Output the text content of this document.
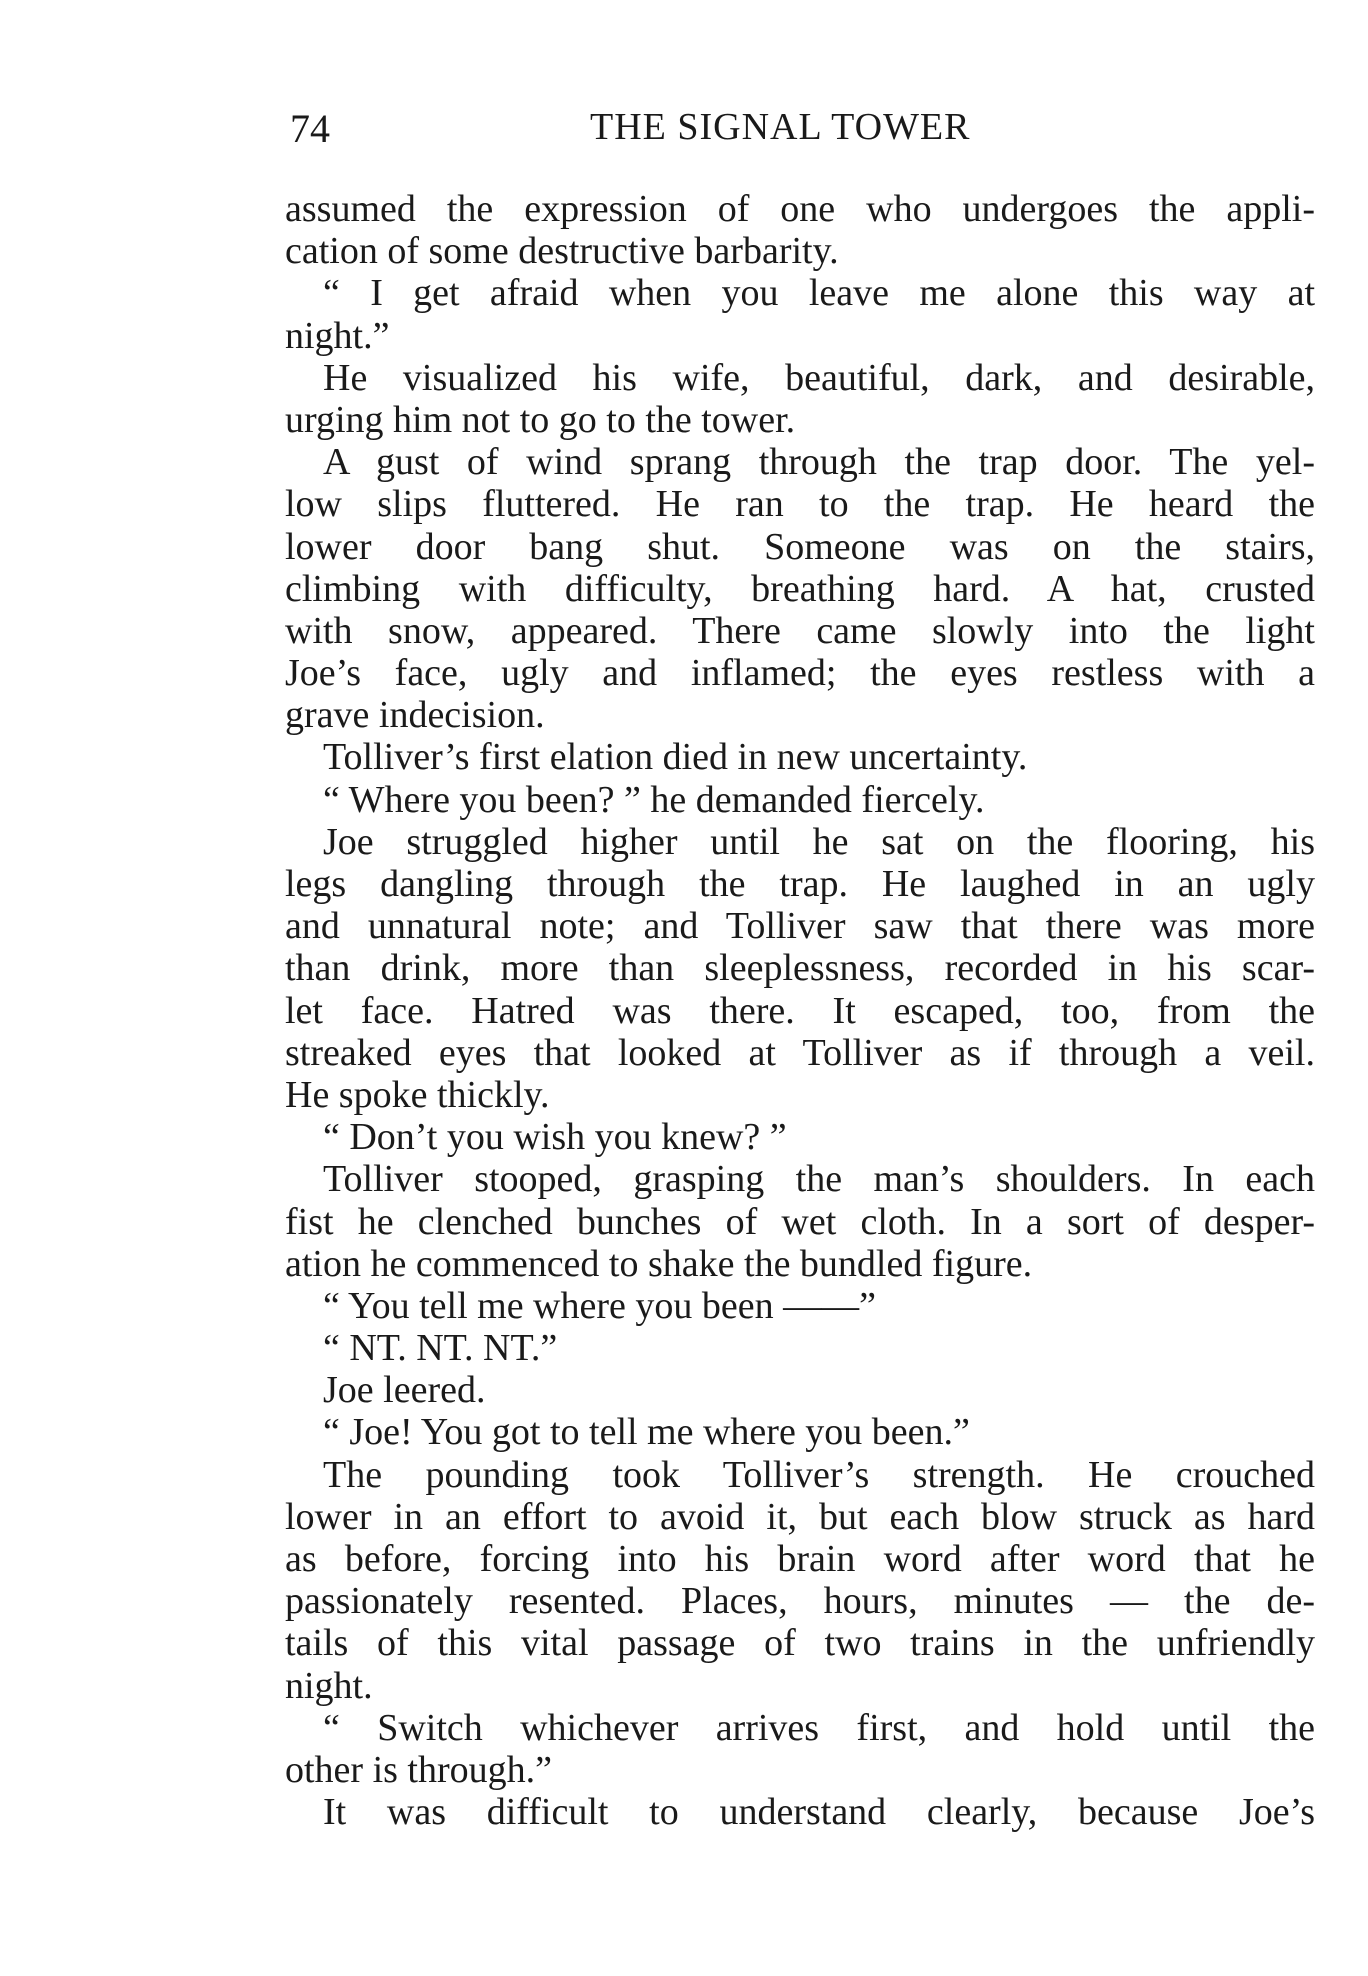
74	THE SIGNAL TOWER
assumed the expression of one who undergoes the appli-
cation of some destructive barbarity.
“ I get afraid when you leave me alone this way at
night.”
He visualized his wife, beautiful, dark, and desirable,
urging him not to go to the tower.
A gust of wind sprang through the trap door. The yel-
low slips fluttered. He ran to the trap. He heard the
lower door bang shut. Someone was on the stairs,
climbing with difficulty, breathing hard. A hat, crusted
with snow, appeared. There came slowly into the light
Joe’s face, ugly and inflamed; the eyes restless with a
grave indecision.
Tolliver’s first elation died in new uncertainty.
“ Where you been? ” he demanded fiercely.
Joe struggled higher until he sat on the flooring, his
legs dangling through the trap. He laughed in an ugly
and unnatural note; and Tolliver saw that there was more
than drink, more than sleeplessness, recorded in his scar-
let face. Hatred was there. It escaped, too, from the
streaked eyes that looked at Tolliver as if through a veil.
He spoke thickly.
“ Don’t you wish you knew? ”
Tolliver stooped, grasping the man’s shoulders. In each
fist he clenched bunches of wet cloth. In a sort of desper-
ation he commenced to shake the bundled figure.
“ You tell me where you been ——”
“ NT. NT. NT.”
Joe leered.
“ Joe! You got to tell me where you been.”
The pounding took Tolliver’s strength. He crouched
lower in an effort to avoid it, but each blow struck as hard
as before, forcing into his brain word after word that he
passionately resented. Places, hours, minutes — the de-
tails of this vital passage of two trains in the unfriendly
night.
“ Switch whichever arrives first, and hold until the
other is through.”
It was difficult to understand clearly, because Joe’s
